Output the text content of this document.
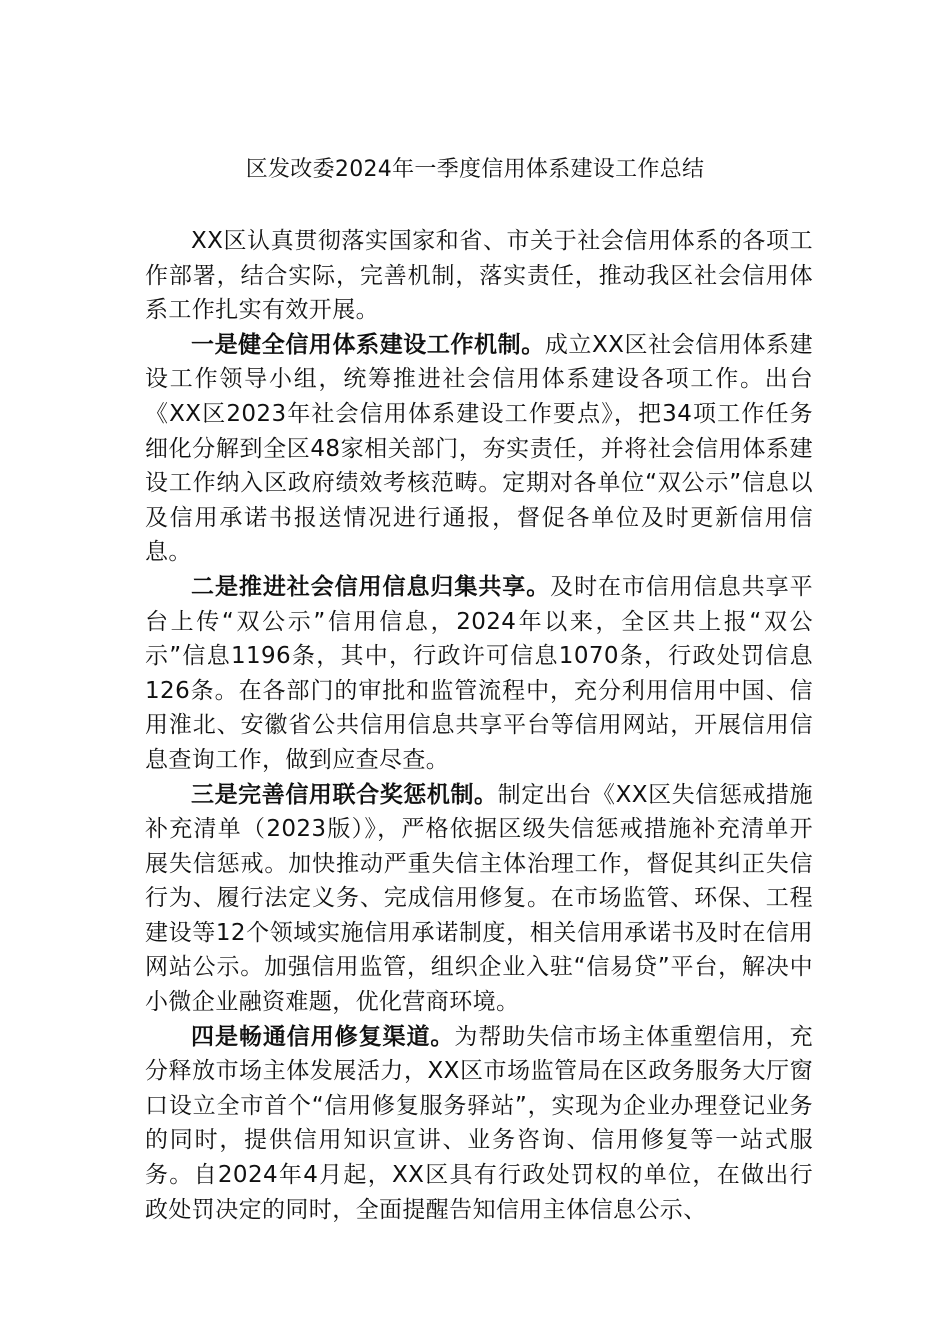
区发改委2024年一季度信用体系建设工作总结

XX区认真贯彻落实国家和省、市关于社会信用体系的各项工作部署，结合实际，完善机制，落实责任，推动我区社会信用体系工作扎实有效开展。

一是健全信用体系建设工作机制。成立XX区社会信用体系建设工作领导小组，统筹推进社会信用体系建设各项工作。出台《XX区2023年社会信用体系建设工作要点》，把34项工作任务细化分解到全区48家相关部门，夯实责任，并将社会信用体系建设工作纳入区政府绩效考核范畴。定期对各单位“双公示”信息以及信用承诺书报送情况进行通报，督促各单位及时更新信用信息。

二是推进社会信用信息归集共享。及时在市信用信息共享平台上传“双公示”信用信息，2024年以来，全区共上报“双公示”信息1196条，其中，行政许可信息1070条，行政处罚信息126条。在各部门的审批和监管流程中，充分利用信用中国、信用淮北、安徽省公共信用信息共享平台等信用网站，开展信用信息查询工作，做到应查尽查。

三是完善信用联合奖惩机制。制定出台《XX区失信惩戒措施补充清单（2023版）》，严格依据区级失信惩戒措施补充清单开展失信惩戒。加快推动严重失信主体治理工作，督促其纠正失信行为、履行法定义务、完成信用修复。在市场监管、环保、工程建设等12个领域实施信用承诺制度，相关信用承诺书及时在信用网站公示。加强信用监管，组织企业入驻“信易贷”平台，解决中小微企业融资难题，优化营商环境。

四是畅通信用修复渠道。为帮助失信市场主体重塑信用，充分释放市场主体发展活力，XX区市场监管局在区政务服务大厅窗口设立全市首个“信用修复服务驿站”，实现为企业办理登记业务的同时，提供信用知识宣讲、业务咨询、信用修复等一站式服务。自2024年4月起，XX区具有行政处罚权的单位，在做出行政处罚决定的同时，全面提醒告知信用主体信息公示、
